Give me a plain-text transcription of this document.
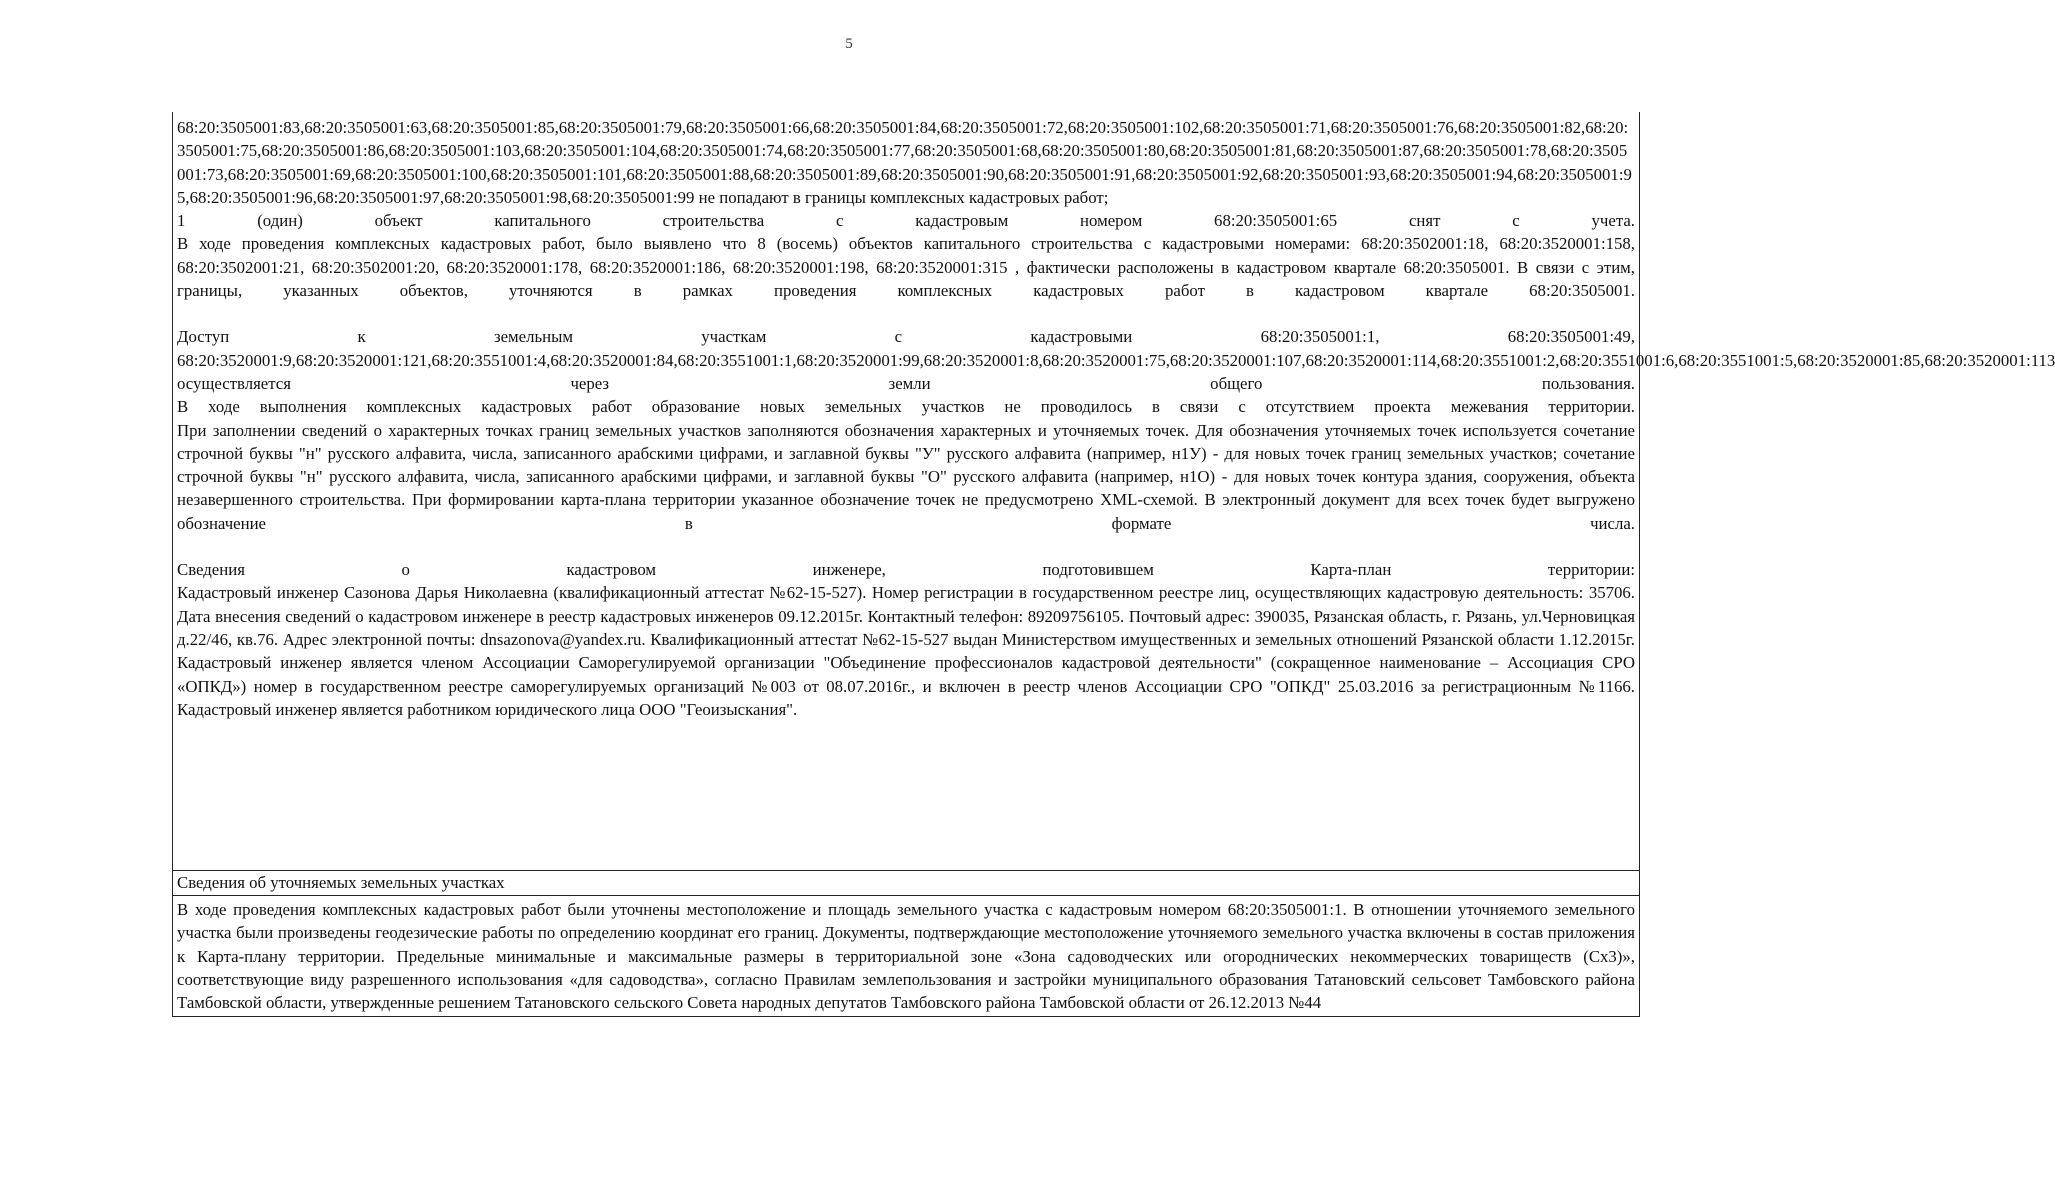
5

68:20:3505001:83,68:20:3505001:63,68:20:3505001:85,68:20:3505001:79,68:20:3505001:66,68:20:3505001:84,68:20:3505001:72,68:20:3505001:102,68:20:3505001:71,68:20:3505001:76,68:20:3505001:82,68:20:3505001:75,68:20:3505001:86,68:20:3505001:103,68:20:3505001:104,68:20:3505001:74,68:20:3505001:77,68:20:3505001:68,68:20:3505001:80,68:20:3505001:81,68:20:3505001:87,68:20:3505001:78,68:20:3505001:73,68:20:3505001:69,68:20:3505001:100,68:20:3505001:101,68:20:3505001:88,68:20:3505001:89,68:20:3505001:90,68:20:3505001:91,68:20:3505001:92,68:20:3505001:93,68:20:3505001:94,68:20:3505001:95,68:20:3505001:96,68:20:3505001:97,68:20:3505001:98,68:20:3505001:99 не попадают в границы комплексных кадастровых работ;

1 (один) объект капитального строительства с кадастровым номером 68:20:3505001:65 снят с учета.

В ходе проведения комплексных кадастровых работ, было выявлено что 8 (восемь) объектов капитального строительства с кадастровыми номерами: 68:20:3502001:18, 68:20:3520001:158, 68:20:3502001:21, 68:20:3502001:20, 68:20:3520001:178, 68:20:3520001:186, 68:20:3520001:198, 68:20:3520001:315 , фактически расположены в кадастровом квартале 68:20:3505001. В связи с этим, границы, указанных объектов, уточняются в рамках проведения комплексных кадастровых работ в кадастровом квартале 68:20:3505001.

Доступ к земельным участкам с кадастровыми 68:20:3505001:1, 68:20:3505001:49, 68:20:3520001:9,68:20:3520001:121,68:20:3551001:4,68:20:3520001:84,68:20:3551001:1,68:20:3520001:99,68:20:3520001:8,68:20:3520001:75,68:20:3520001:107,68:20:3520001:114,68:20:3551001:2,68:20:3551001:6,68:20:3551001:5,68:20:3520001:85,68:20:3520001:113 осуществляется через земли общего пользования.

В ходе выполнения комплексных кадастровых работ образование новых земельных участков не проводилось в связи с отсутствием проекта межевания территории.

При заполнении сведений о характерных точках границ земельных участков заполняются обозначения характерных и уточняемых точек. Для обозначения уточняемых точек используется сочетание строчной буквы "н" русского алфавита, числа, записанного арабскими цифрами, и заглавной буквы "У" русского алфавита (например, н1У) - для новых точек границ земельных участков; сочетание строчной буквы "н" русского алфавита, числа, записанного арабскими цифрами, и заглавной буквы "О" русского алфавита (например, н1О) - для новых точек контура здания, сооружения, объекта незавершенного строительства. При формировании карта-плана территории указанное обозначение точек не предусмотрено XML-схемой. В электронный документ для всех точек будет выгружено обозначение в формате числа.

Сведения о кадастровом инженере, подготовившем Карта-план территории:

Кадастровый инженер Сазонова Дарья Николаевна (квалификационный аттестат №62-15-527). Номер регистрации в государственном реестре лиц, осуществляющих кадастровую деятельность: 35706. Дата внесения сведений о кадастровом инженере в реестр кадастровых инженеров 09.12.2015г. Контактный телефон: 89209756105. Почтовый адрес: 390035, Рязанская область, г. Рязань, ул.Черновицкая д.22/46, кв.76. Адрес электронной почты: dnsazonova@yandex.ru. Квалификационный аттестат №62-15-527 выдан Министерством имущественных и земельных отношений Рязанской области 1.12.2015г. Кадастровый инженер является членом Ассоциации Саморегулируемой организации "Объединение профессионалов кадастровой деятельности" (сокращенное наименование – Ассоциация СРО «ОПКД») номер в государственном реестре саморегулируемых организаций №003 от 08.07.2016г., и включен в реестр членов Ассоциации СРО "ОПКД" 25.03.2016 за регистрационным №1166. Кадастровый инженер является работником юридического лица ООО "Геоизыскания".

Сведения об уточняемых земельных участках

В ходе проведения комплексных кадастровых работ были уточнены местоположение и площадь земельного участка с кадастровым номером 68:20:3505001:1. В отношении уточняемого земельного участка были произведены геодезические работы по определению координат его границ. Документы, подтверждающие местоположение уточняемого земельного участка включены в состав приложения к Карта-плану территории. Предельные минимальные и максимальные размеры в территориальной зоне «Зона садоводческих или огороднических некоммерческих товариществ (Сх3)», соответствующие виду разрешенного использования «для садоводства», согласно Правилам землепользования и застройки муниципального образования Татановский сельсовет Тамбовского района Тамбовской области, утвержденные решением Татановского сельского Совета народных депутатов Тамбовского района Тамбовской области от 26.12.2013 №44
